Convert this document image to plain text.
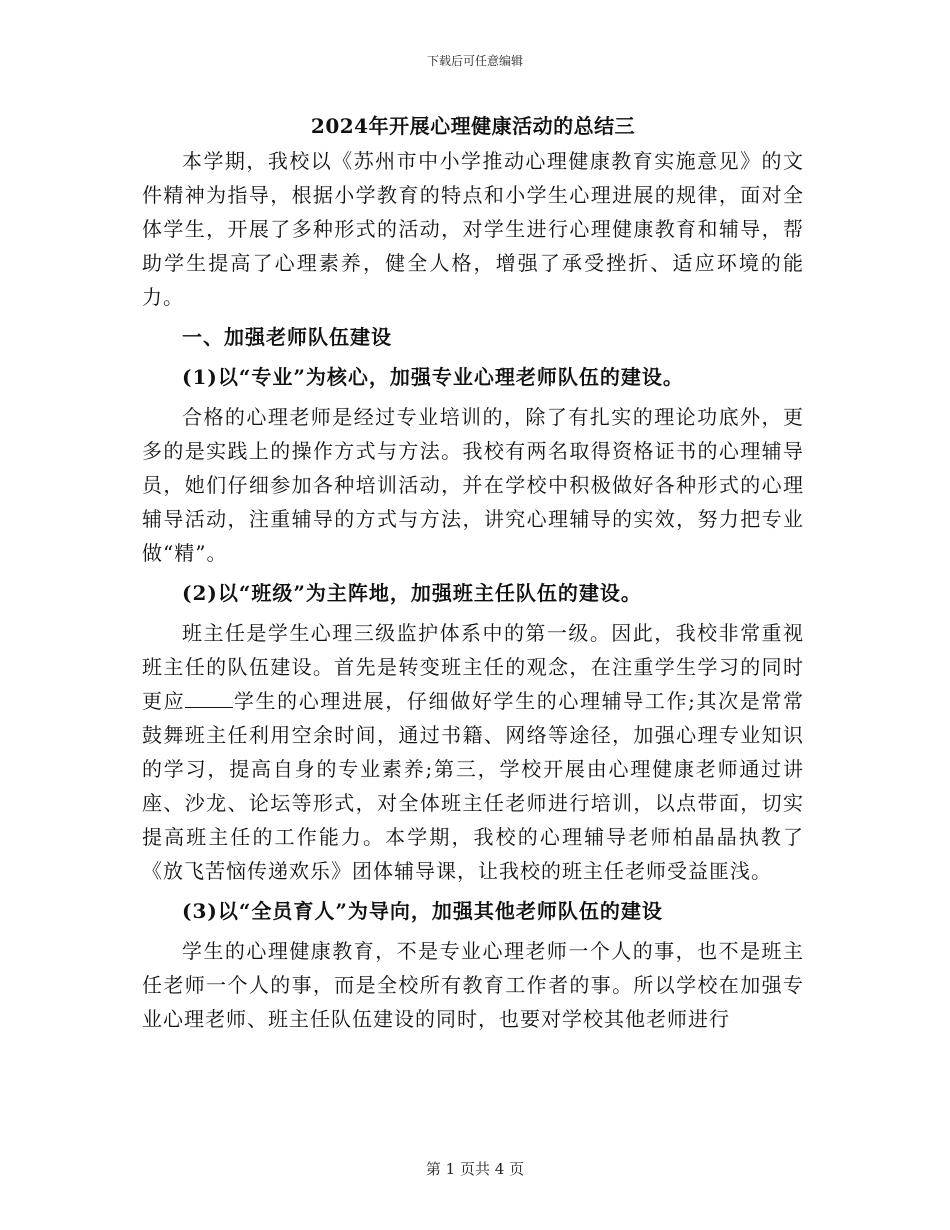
下载后可任意编辑
2024年开展心理健康活动的总结三

本学期，我校以《苏州市中小学推动心理健康教育实施意见》的文件精神为指导，根据小学教育的特点和小学生心理进展的规律，面对全体学生，开展了多种形式的活动，对学生进行心理健康教育和辅导，帮助学生提高了心理素养，健全人格，增强了承受挫折、适应环境的能力。

一、加强老师队伍建设

(1)以“专业”为核心，加强专业心理老师队伍的建设。

合格的心理老师是经过专业培训的，除了有扎实的理论功底外，更多的是实践上的操作方式与方法。我校有两名取得资格证书的心理辅导员，她们仔细参加各种培训活动，并在学校中积极做好各种形式的心理辅导活动，注重辅导的方式与方法，讲究心理辅导的实效，努力把专业做“精”。

(2)以“班级”为主阵地，加强班主任队伍的建设。

班主任是学生心理三级监护体系中的第一级。因此，我校非常重视班主任的队伍建设。首先是转变班主任的观念，在注重学生学习的同时更应 学生的心理进展，仔细做好学生的心理辅导工作;其次是常常鼓舞班主任利用空余时间，通过书籍、网络等途径，加强心理专业知识的学习，提高自身的专业素养;第三，学校开展由心理健康老师通过讲座、沙龙、论坛等形式，对全体班主任老师进行培训，以点带面，切实提高班主任的工作能力。本学期，我校的心理辅导老师柏晶晶执教了《放飞苦恼传递欢乐》团体辅导课，让我校的班主任老师受益匪浅。

(3)以“全员育人”为导向，加强其他老师队伍的建设

学生的心理健康教育，不是专业心理老师一个人的事，也不是班主任老师一个人的事，而是全校所有教育工作者的事。所以学校在加强专业心理老师、班主任队伍建设的同时，也要对学校其他老师进行

第 1 页共 4 页
